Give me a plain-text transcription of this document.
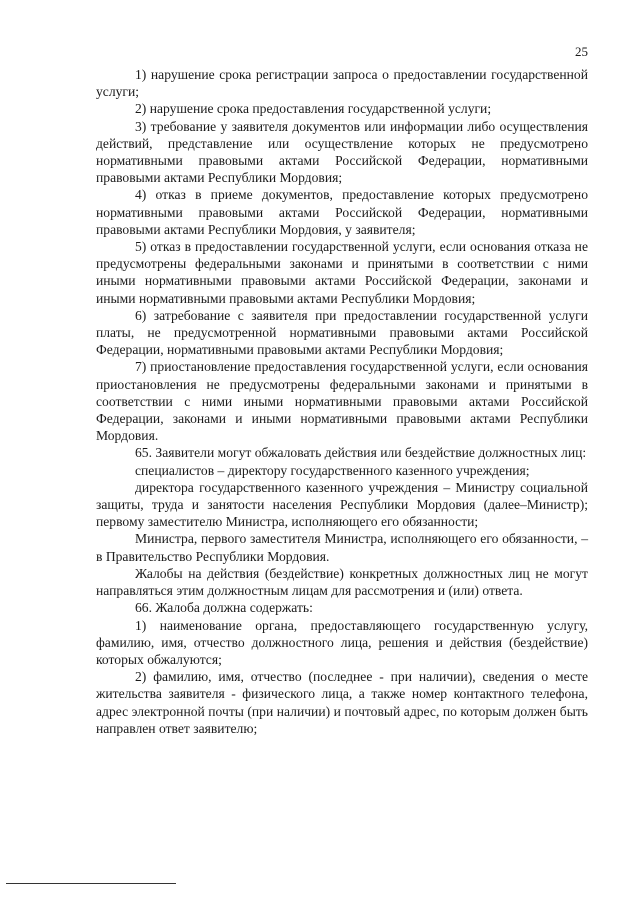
25

1) нарушение срока регистрации запроса о предоставлении государственной услуги;

2) нарушение срока предоставления государственной услуги;

3) требование у заявителя документов или информации либо осуществления действий, представление или осуществление которых не предусмотрено нормативными правовыми актами Российской Федерации, нормативными правовыми актами Республики Мордовия;

4) отказ в приеме документов, предоставление которых предусмотрено нормативными правовыми актами Российской Федерации, нормативными правовыми актами Республики Мордовия, у заявителя;

5) отказ в предоставлении государственной услуги, если основания отказа не предусмотрены федеральными законами и принятыми в соответствии с ними иными нормативными правовыми актами Российской Федерации, законами и иными нормативными правовыми актами Республики Мордовия;

6) затребование с заявителя при предоставлении государственной услуги платы, не предусмотренной нормативными правовыми актами Российской Федерации, нормативными правовыми актами Республики Мордовия;

7) приостановление предоставления государственной услуги, если основания приостановления не предусмотрены федеральными законами и принятыми в соответствии с ними иными нормативными правовыми актами Российской Федерации, законами и иными нормативными правовыми актами Республики Мордовия.

65. Заявители могут обжаловать действия или бездействие должностных лиц:

специалистов – директору государственного казенного учреждения;

директора государственного казенного учреждения – Министру социальной защиты, труда и занятости населения Республики Мордовия (далее–Министр); первому заместителю Министра, исполняющего его обязанности;

Министра, первого заместителя Министра, исполняющего его обязанности, – в Правительство Республики Мордовия.

Жалобы на действия (бездействие) конкретных должностных лиц не могут направляться этим должностным лицам для рассмотрения и (или) ответа.

66. Жалоба должна содержать:

1) наименование органа, предоставляющего государственную услугу, фамилию, имя, отчество должностного лица, решения и действия (бездействие) которых обжалуются;

2) фамилию, имя, отчество (последнее - при наличии), сведения о месте жительства заявителя - физического лица, а также номер контактного телефона, адрес электронной почты (при наличии) и почтовый адрес, по которым должен быть направлен ответ заявителю;
